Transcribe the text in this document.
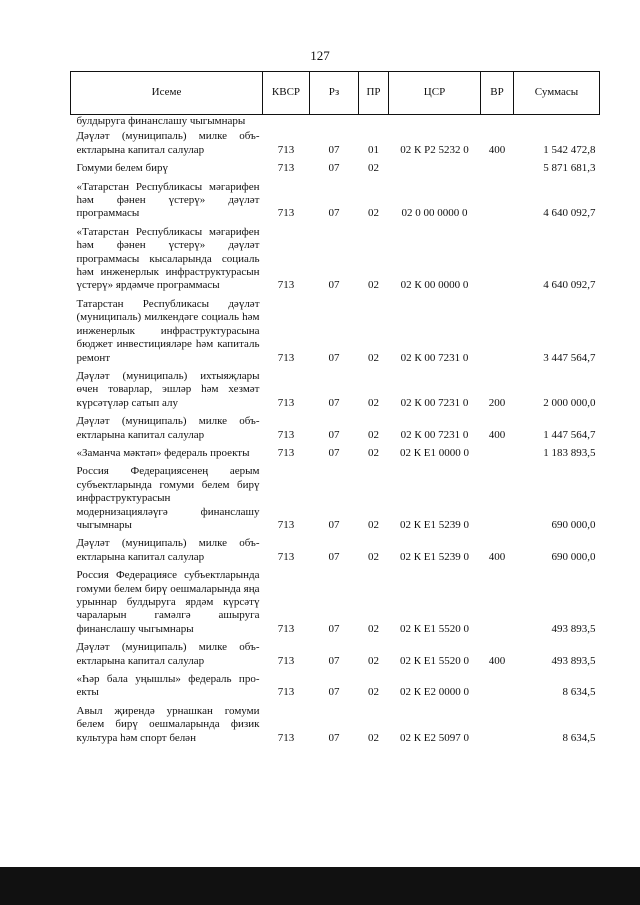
127
Исеме	КВСР	Рз	ПР	ЦСР	ВР	Суммасы
булдыруга финанслашу чыгымнары						
Дәүләт (муниципаль) милке объектларына капитал салулар	713	07	01	02 К P2 5232 0	400	1 542 472,8
Гомуми белем бирү	713	07	02			5 871 681,3
«Татарстан Республикасы мәгарифен һәм фәнен үстерү» дәүләт программасы	713	07	02	02 0 00 0000 0		4 640 092,7
«Татарстан Республикасы мәгарифен һәм фәнен үстерү» дәүләт программасы кысаларында социаль һәм инженерлык инфраструктурасын үстерү» ярдәмче программасы	713	07	02	02 К 00 0000 0		4 640 092,7
Татарстан Республикасы дәүләт (муниципаль) милкендәге социаль һәм инженерлык инфраструктурасына бюджет инвестицияләре һәм капиталь ремонт	713	07	02	02 К 00 7231 0		3 447 564,7
Дәүләт (муниципаль) ихтыяҗлары өчен товарлар, эшләр һәм хезмәт күрсәтүләр сатып алу	713	07	02	02 К 00 7231 0	200	2 000 000,0
Дәүләт (муниципаль) милке объектларына капитал салулар	713	07	02	02 К 00 7231 0	400	1 447 564,7
«Заманча мәктәп» федераль проекты	713	07	02	02 К E1 0000 0		1 183 893,5
Россия Федерациясенең аерым субъектларында гомуми белем бирү инфраструктурасын модернизацияләүгә финанслашу чыгымнары	713	07	02	02 К E1 5239 0		690 000,0
Дәүләт (муниципаль) милке объектларына капитал салулар	713	07	02	02 К E1 5239 0	400	690 000,0
Россия Федерациясе субъектларында гомуми белем бирү оешмаларында яңа урыннар булдыруга ярдәм күрсәтү чараларын гамәлгә ашыруга финанслашу чыгымнары	713	07	02	02 К E1 5520 0		493 893,5
Дәүләт (муниципаль) милке объектларына капитал салулар	713	07	02	02 К E1 5520 0	400	493 893,5
«Һәр бала уңышлы» федераль проекты	713	07	02	02 К E2 0000 0		8 634,5
Авыл җирендә урнашкан гомуми белем бирү оешмаларында физик культура һәм спорт белән	713	07	02	02 К E2 5097 0		8 634,5
